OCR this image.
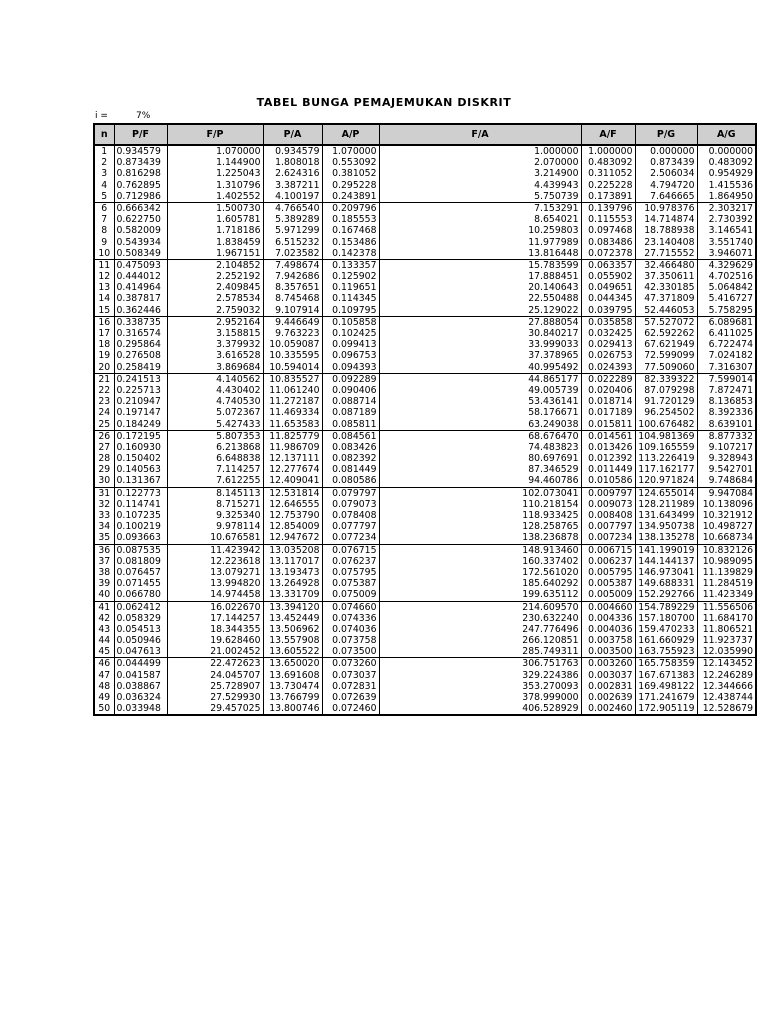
TABEL BUNGA PEMAJEMUKAN DISKRIT
i =	7%
n	P/F	F/P	P/A	A/P	F/A	A/F	P/G	A/G
1	0.934579	1.070000	0.934579	1.070000	1.000000	1.000000	0.000000	0.000000
2	0.873439	1.144900	1.808018	0.553092	2.070000	0.483092	0.873439	0.483092
3	0.816298	1.225043	2.624316	0.381052	3.214900	0.311052	2.506034	0.954929
4	0.762895	1.310796	3.387211	0.295228	4.439943	0.225228	4.794720	1.415536
5	0.712986	1.402552	4.100197	0.243891	5.750739	0.173891	7.646665	1.864950
6	0.666342	1.500730	4.766540	0.209796	7.153291	0.139796	10.978376	2.303217
7	0.622750	1.605781	5.389289	0.185553	8.654021	0.115553	14.714874	2.730392
8	0.582009	1.718186	5.971299	0.167468	10.259803	0.097468	18.788938	3.146541
9	0.543934	1.838459	6.515232	0.153486	11.977989	0.083486	23.140408	3.551740
10	0.508349	1.967151	7.023582	0.142378	13.816448	0.072378	27.715552	3.946071
11	0.475093	2.104852	7.498674	0.133357	15.783599	0.063357	32.466480	4.329629
12	0.444012	2.252192	7.942686	0.125902	17.888451	0.055902	37.350611	4.702516
13	0.414964	2.409845	8.357651	0.119651	20.140643	0.049651	42.330185	5.064842
14	0.387817	2.578534	8.745468	0.114345	22.550488	0.044345	47.371809	5.416727
15	0.362446	2.759032	9.107914	0.109795	25.129022	0.039795	52.446053	5.758295
16	0.338735	2.952164	9.446649	0.105858	27.888054	0.035858	57.527072	6.089681
17	0.316574	3.158815	9.763223	0.102425	30.840217	0.032425	62.592262	6.411025
18	0.295864	3.379932	10.059087	0.099413	33.999033	0.029413	67.621949	6.722474
19	0.276508	3.616528	10.335595	0.096753	37.378965	0.026753	72.599099	7.024182
20	0.258419	3.869684	10.594014	0.094393	40.995492	0.024393	77.509060	7.316307
21	0.241513	4.140562	10.835527	0.092289	44.865177	0.022289	82.339322	7.599014
22	0.225713	4.430402	11.061240	0.090406	49.005739	0.020406	87.079298	7.872471
23	0.210947	4.740530	11.272187	0.088714	53.436141	0.018714	91.720129	8.136853
24	0.197147	5.072367	11.469334	0.087189	58.176671	0.017189	96.254502	8.392336
25	0.184249	5.427433	11.653583	0.085811	63.249038	0.015811	100.676482	8.639101
26	0.172195	5.807353	11.825779	0.084561	68.676470	0.014561	104.981369	8.877332
27	0.160930	6.213868	11.986709	0.083426	74.483823	0.013426	109.165559	9.107217
28	0.150402	6.648838	12.137111	0.082392	80.697691	0.012392	113.226419	9.328943
29	0.140563	7.114257	12.277674	0.081449	87.346529	0.011449	117.162177	9.542701
30	0.131367	7.612255	12.409041	0.080586	94.460786	0.010586	120.971824	9.748684
31	0.122773	8.145113	12.531814	0.079797	102.073041	0.009797	124.655014	9.947084
32	0.114741	8.715271	12.646555	0.079073	110.218154	0.009073	128.211989	10.138096
33	0.107235	9.325340	12.753790	0.078408	118.933425	0.008408	131.643499	10.321912
34	0.100219	9.978114	12.854009	0.077797	128.258765	0.007797	134.950738	10.498727
35	0.093663	10.676581	12.947672	0.077234	138.236878	0.007234	138.135278	10.668734
36	0.087535	11.423942	13.035208	0.076715	148.913460	0.006715	141.199019	10.832126
37	0.081809	12.223618	13.117017	0.076237	160.337402	0.006237	144.144137	10.989095
38	0.076457	13.079271	13.193473	0.075795	172.561020	0.005795	146.973041	11.139829
39	0.071455	13.994820	13.264928	0.075387	185.640292	0.005387	149.688331	11.284519
40	0.066780	14.974458	13.331709	0.075009	199.635112	0.005009	152.292766	11.423349
41	0.062412	16.022670	13.394120	0.074660	214.609570	0.004660	154.789229	11.556506
42	0.058329	17.144257	13.452449	0.074336	230.632240	0.004336	157.180700	11.684170
43	0.054513	18.344355	13.506962	0.074036	247.776496	0.004036	159.470233	11.806521
44	0.050946	19.628460	13.557908	0.073758	266.120851	0.003758	161.660929	11.923737
45	0.047613	21.002452	13.605522	0.073500	285.749311	0.003500	163.755923	12.035990
46	0.044499	22.472623	13.650020	0.073260	306.751763	0.003260	165.758359	12.143452
47	0.041587	24.045707	13.691608	0.073037	329.224386	0.003037	167.671383	12.246289
48	0.038867	25.728907	13.730474	0.072831	353.270093	0.002831	169.498122	12.344666
49	0.036324	27.529930	13.766799	0.072639	378.999000	0.002639	171.241679	12.438744
50	0.033948	29.457025	13.800746	0.072460	406.528929	0.002460	172.905119	12.528679
